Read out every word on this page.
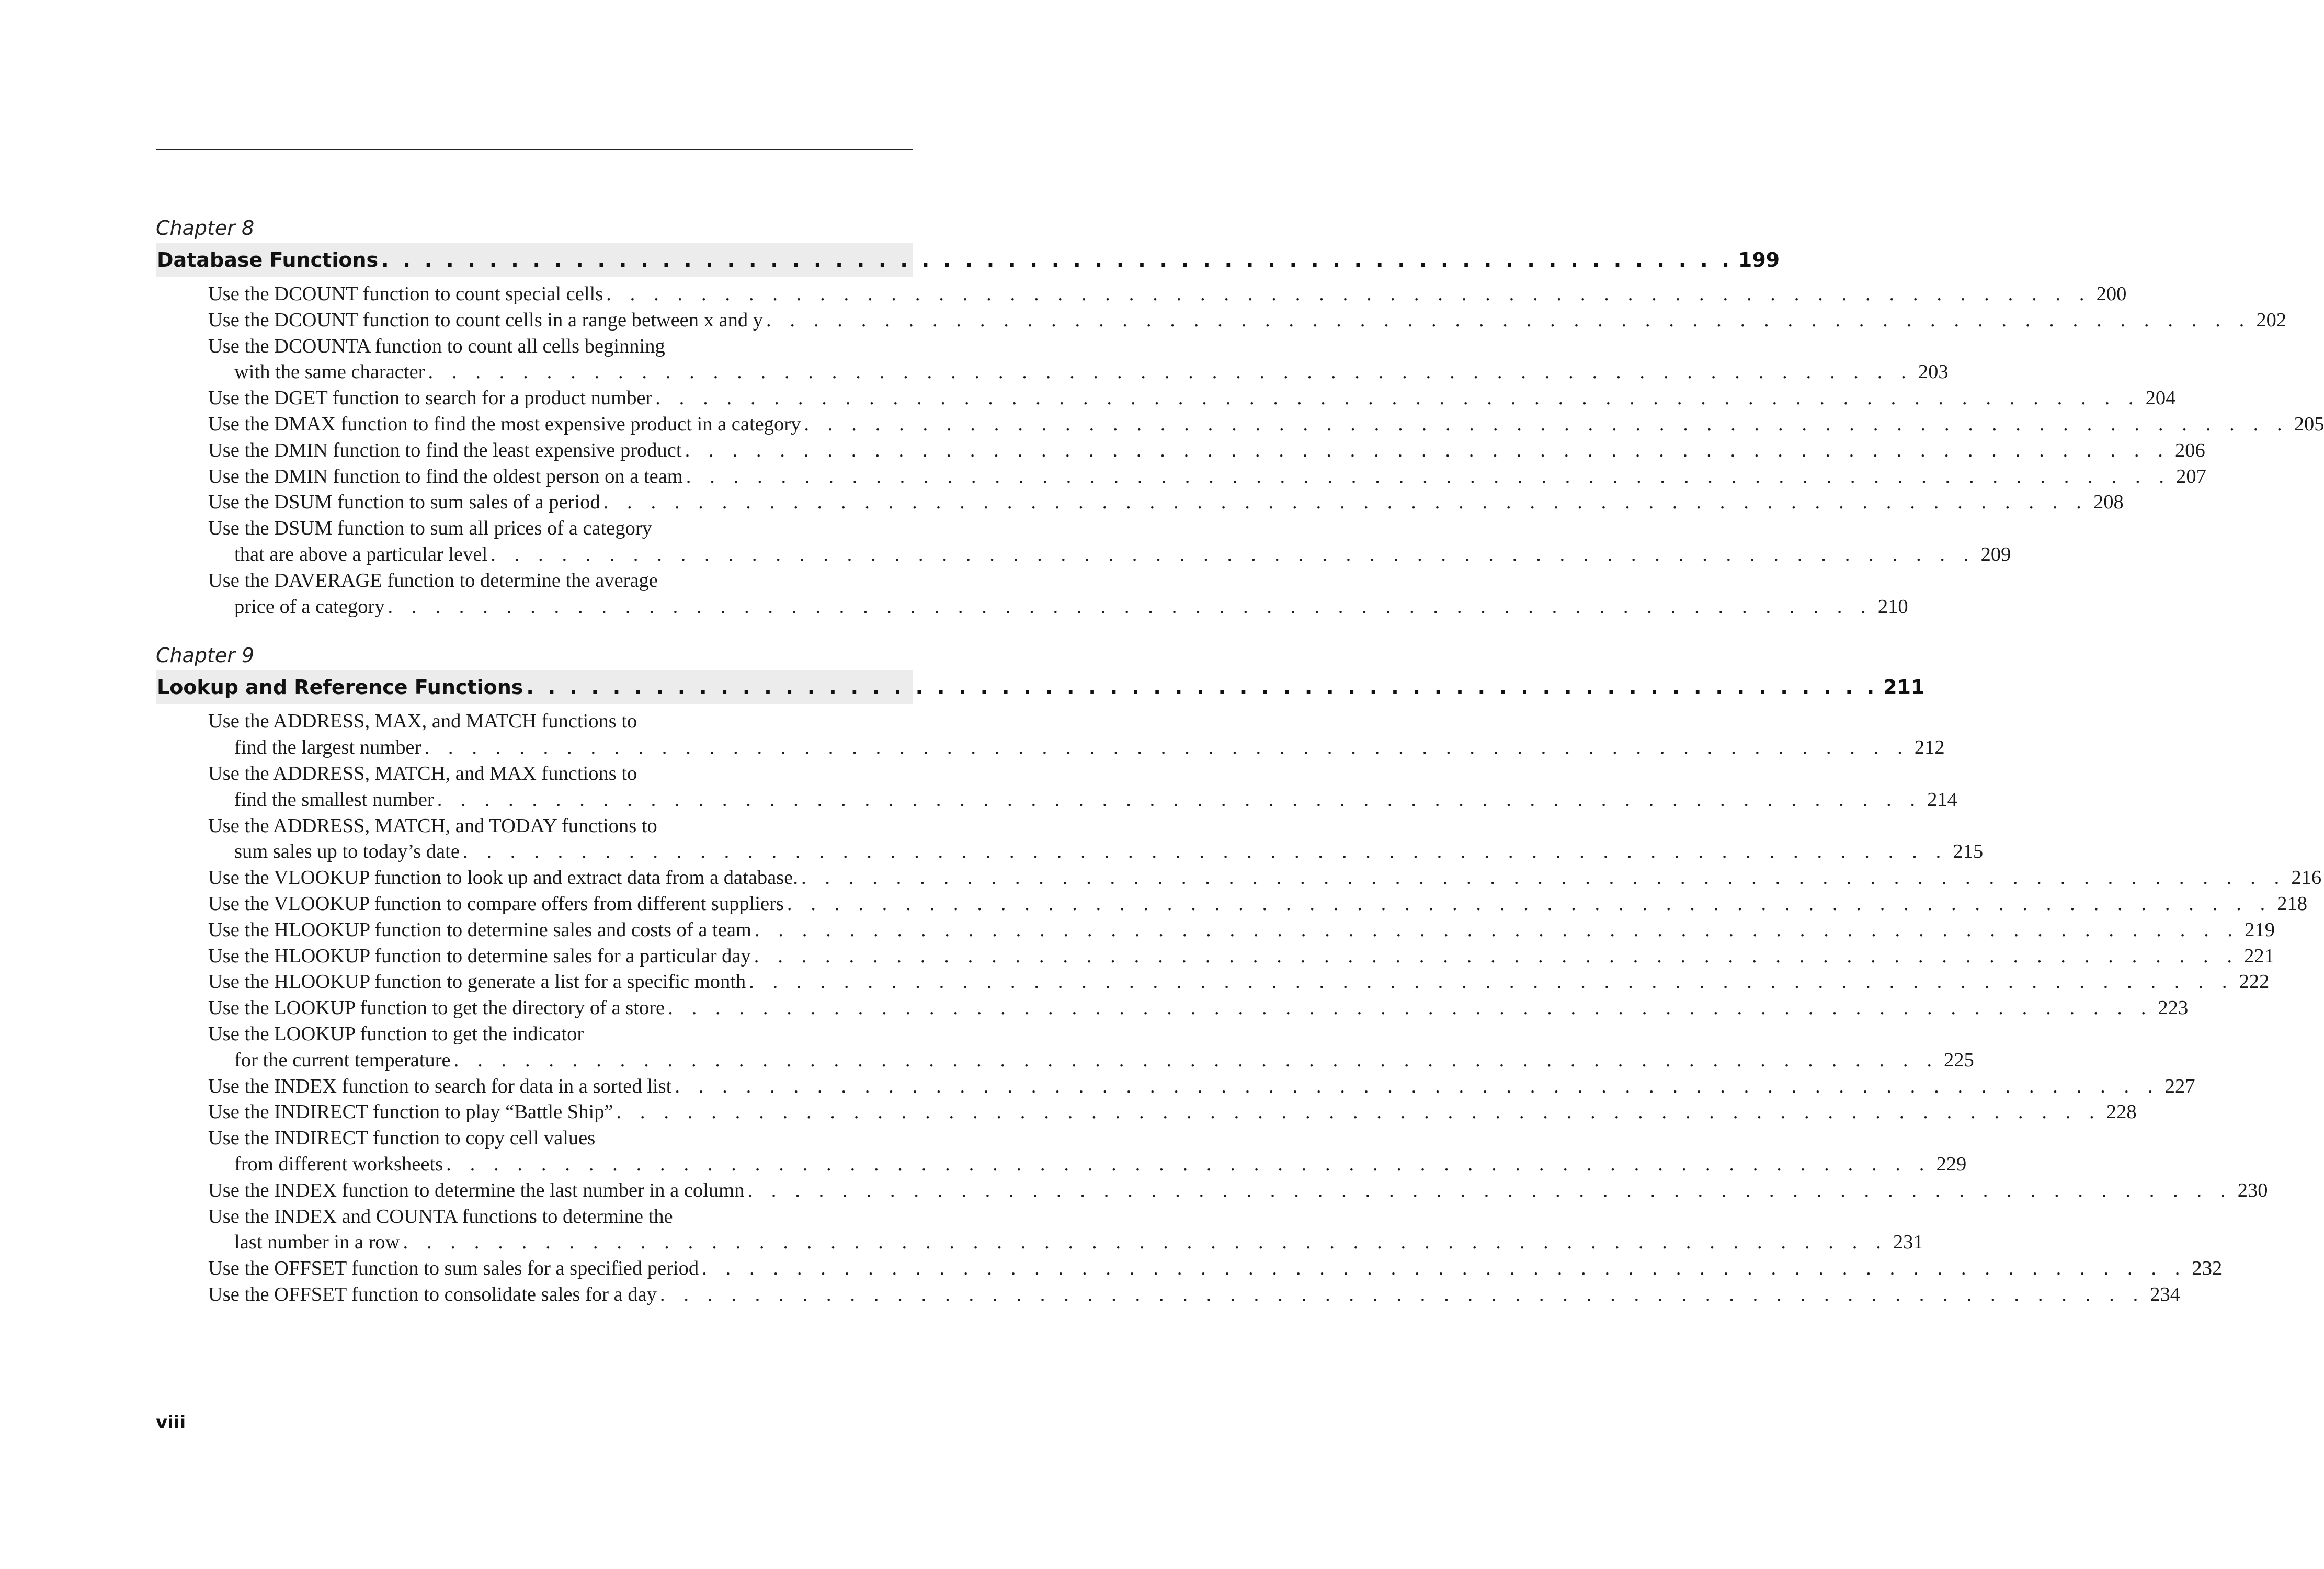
Chapter 8
Database Functions . . . . . . . . . . . . . . . . . . . . . . . . . . . . . . . . . . . . . . . . . . . . . . . . . . . . . . . . . . . . . . . 199
Use the DCOUNT function to count special cells . . . . . . . . . . . . . . . . . . . . . . . . . . . . . . . . . . . . . . . . . . . . . . . . . . . . . . . . . . . . . . . 200
Use the DCOUNT function to count cells in a range between x and y . . . . . . . . . . . . . . . . . . . . . . . . . . . . . . . . . . . . . . . . . . . . . . . . . . . . . . . . . . . . . . . 202
Use the DCOUNTA function to count all cells beginning
with the same character . . . . . . . . . . . . . . . . . . . . . . . . . . . . . . . . . . . . . . . . . . . . . . . . . . . . . . . . . . . . . . . 203
Use the DGET function to search for a product number . . . . . . . . . . . . . . . . . . . . . . . . . . . . . . . . . . . . . . . . . . . . . . . . . . . . . . . . . . . . . . . 204
Use the DMAX function to find the most expensive product in a category . . . . . . . . . . . . . . . . . . . . . . . . . . . . . . . . . . . . . . . . . . . . . . . . . . . . . . . . . . . . . . . 205
Use the DMIN function to find the least expensive product . . . . . . . . . . . . . . . . . . . . . . . . . . . . . . . . . . . . . . . . . . . . . . . . . . . . . . . . . . . . . . . 206
Use the DMIN function to find the oldest person on a team . . . . . . . . . . . . . . . . . . . . . . . . . . . . . . . . . . . . . . . . . . . . . . . . . . . . . . . . . . . . . . . 207
Use the DSUM function to sum sales of a period . . . . . . . . . . . . . . . . . . . . . . . . . . . . . . . . . . . . . . . . . . . . . . . . . . . . . . . . . . . . . . . 208
Use the DSUM function to sum all prices of a category
that are above a particular level . . . . . . . . . . . . . . . . . . . . . . . . . . . . . . . . . . . . . . . . . . . . . . . . . . . . . . . . . . . . . . . 209
Use the DAVERAGE function to determine the average
price of a category . . . . . . . . . . . . . . . . . . . . . . . . . . . . . . . . . . . . . . . . . . . . . . . . . . . . . . . . . . . . . . . 210
Chapter 9
Lookup and Reference Functions . . . . . . . . . . . . . . . . . . . . . . . . . . . . . . . . . . . . . . . . . . . . . . . . . . . . . . . . . . . . . . . 211
Use the ADDRESS, MAX, and MATCH functions to
find the largest number . . . . . . . . . . . . . . . . . . . . . . . . . . . . . . . . . . . . . . . . . . . . . . . . . . . . . . . . . . . . . . . 212
Use the ADDRESS, MATCH, and MAX functions to
find the smallest number . . . . . . . . . . . . . . . . . . . . . . . . . . . . . . . . . . . . . . . . . . . . . . . . . . . . . . . . . . . . . . . 214
Use the ADDRESS, MATCH, and TODAY functions to
sum sales up to today’s date . . . . . . . . . . . . . . . . . . . . . . . . . . . . . . . . . . . . . . . . . . . . . . . . . . . . . . . . . . . . . . . 215
Use the VLOOKUP function to look up and extract data from a database. . . . . . . . . . . . . . . . . . . . . . . . . . . . . . . . . . . . . . . . . . . . . . . . . . . . . . . . . . . . . . . . 216
Use the VLOOKUP function to compare offers from different suppliers . . . . . . . . . . . . . . . . . . . . . . . . . . . . . . . . . . . . . . . . . . . . . . . . . . . . . . . . . . . . . . . 218
Use the HLOOKUP function to determine sales and costs of a team . . . . . . . . . . . . . . . . . . . . . . . . . . . . . . . . . . . . . . . . . . . . . . . . . . . . . . . . . . . . . . . 219
Use the HLOOKUP function to determine sales for a particular day . . . . . . . . . . . . . . . . . . . . . . . . . . . . . . . . . . . . . . . . . . . . . . . . . . . . . . . . . . . . . . . 221
Use the HLOOKUP function to generate a list for a specific month . . . . . . . . . . . . . . . . . . . . . . . . . . . . . . . . . . . . . . . . . . . . . . . . . . . . . . . . . . . . . . . 222
Use the LOOKUP function to get the directory of a store . . . . . . . . . . . . . . . . . . . . . . . . . . . . . . . . . . . . . . . . . . . . . . . . . . . . . . . . . . . . . . . 223
Use the LOOKUP function to get the indicator
for the current temperature . . . . . . . . . . . . . . . . . . . . . . . . . . . . . . . . . . . . . . . . . . . . . . . . . . . . . . . . . . . . . . . 225
Use the INDEX function to search for data in a sorted list . . . . . . . . . . . . . . . . . . . . . . . . . . . . . . . . . . . . . . . . . . . . . . . . . . . . . . . . . . . . . . . 227
Use the INDIRECT function to play “Battle Ship” . . . . . . . . . . . . . . . . . . . . . . . . . . . . . . . . . . . . . . . . . . . . . . . . . . . . . . . . . . . . . . . 228
Use the INDIRECT function to copy cell values
from different worksheets . . . . . . . . . . . . . . . . . . . . . . . . . . . . . . . . . . . . . . . . . . . . . . . . . . . . . . . . . . . . . . . 229
Use the INDEX function to determine the last number in a column . . . . . . . . . . . . . . . . . . . . . . . . . . . . . . . . . . . . . . . . . . . . . . . . . . . . . . . . . . . . . . . 230
Use the INDEX and COUNTA functions to determine the
last number in a row . . . . . . . . . . . . . . . . . . . . . . . . . . . . . . . . . . . . . . . . . . . . . . . . . . . . . . . . . . . . . . . 231
Use the OFFSET function to sum sales for a specified period . . . . . . . . . . . . . . . . . . . . . . . . . . . . . . . . . . . . . . . . . . . . . . . . . . . . . . . . . . . . . . . 232
Use the OFFSET function to consolidate sales for a day . . . . . . . . . . . . . . . . . . . . . . . . . . . . . . . . . . . . . . . . . . . . . . . . . . . . . . . . . . . . . . . 234
viii
